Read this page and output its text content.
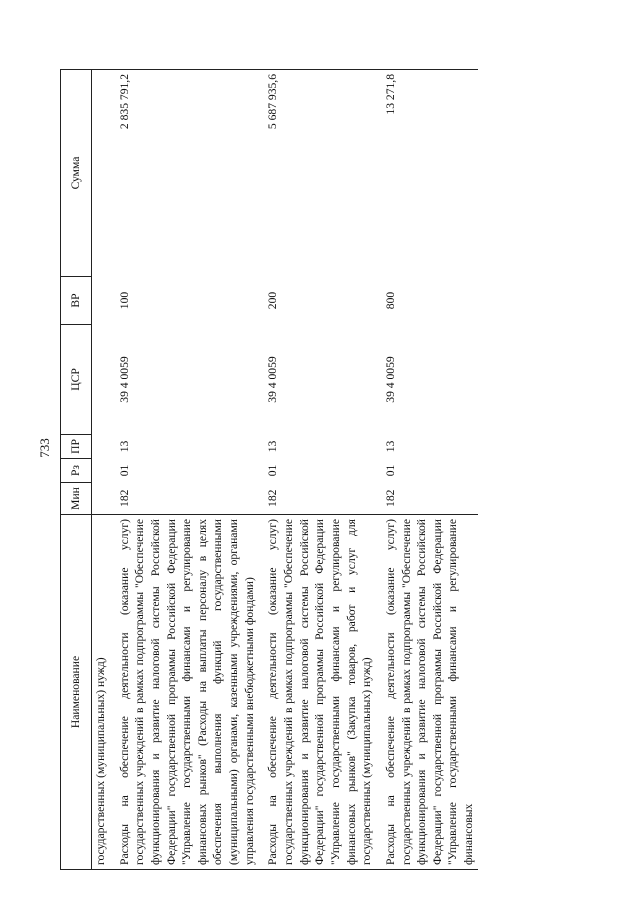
733
Наименование	Мин	Рз	ПР	ЦСР	ВР	Сумма
государственных (муниципальных) нужд)						

Расходы на обеспечение деятельности (оказание услуг) государственных учреждений в рамках подпрограммы "Обеспечение функционирования и развитие налоговой системы Российской Федерации" государственной программы Российской Федерации "Управление государственными финансами и регулирование финансовых рынков" (Расходы на выплаты персоналу в целях обеспечения выполнения функций государственными (муниципальными) органами, казенными учреждениями, органами управления государственными внебюджетными фондами)	182	01	13	39 4 0059	100	2 835 791,2

Расходы на обеспечение деятельности (оказание услуг) государственных учреждений в рамках подпрограммы "Обеспечение функционирования и развитие налоговой системы Российской Федерации" государственной программы Российской Федерации "Управление государственными финансами и регулирование финансовых рынков" (Закупка товаров, работ и услуг для государственных (муниципальных) нужд)	182	01	13	39 4 0059	200	5 687 935,6

Расходы на обеспечение деятельности (оказание услуг) государственных учреждений в рамках подпрограммы "Обеспечение функционирования и развитие налоговой системы Российской Федерации" государственной программы Российской Федерации "Управление государственными финансами и регулирование финансовых	182	01	13	39 4 0059	800	13 271,8
